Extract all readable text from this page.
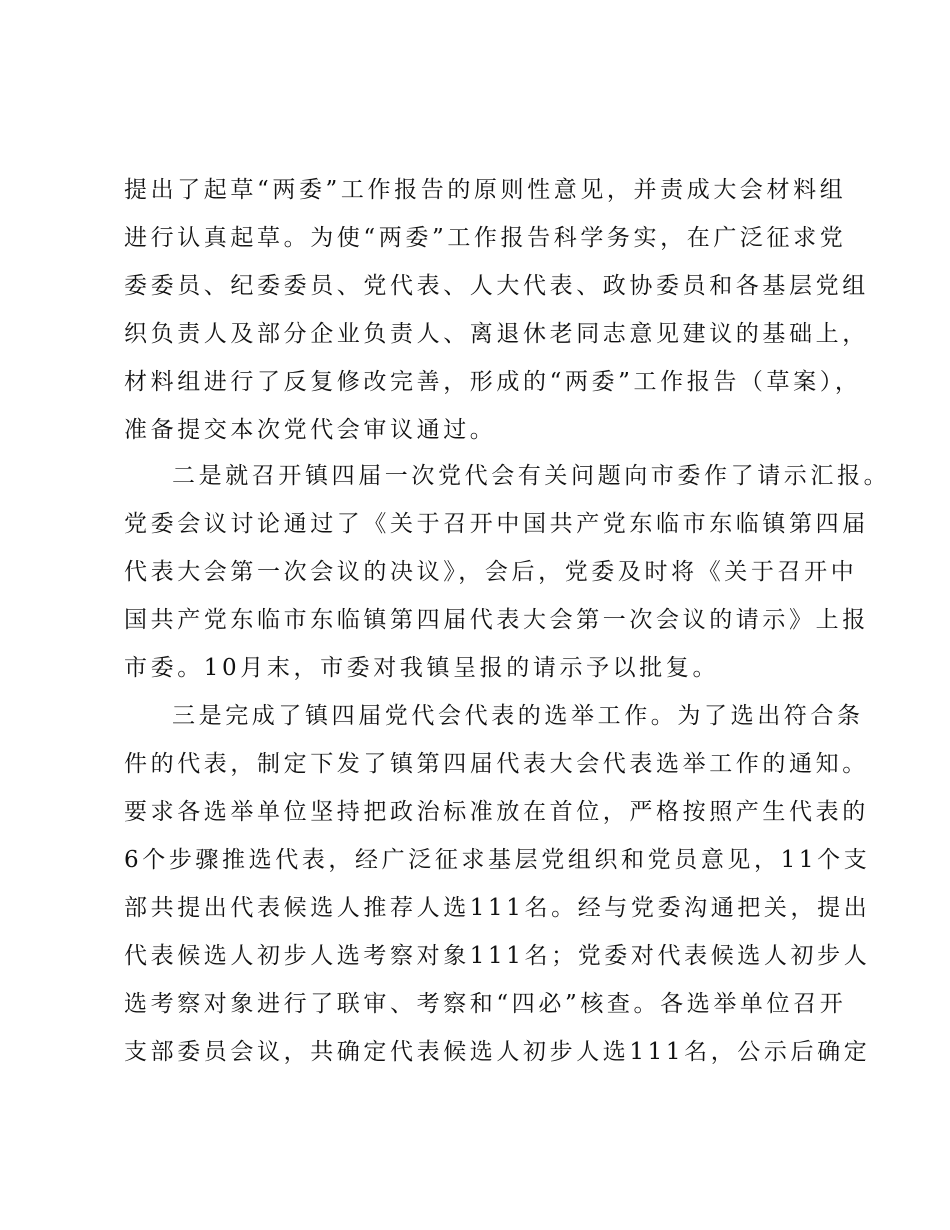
提出了起草“两委”工作报告的原则性意见，并责成大会材料组
进行认真起草。为使“两委”工作报告科学务实，在广泛征求党
委委员、纪委委员、党代表、人大代表、政协委员和各基层党组
织负责人及部分企业负责人、离退休老同志意见建议的基础上，
材料组进行了反复修改完善，形成的“两委”工作报告（草案），
准备提交本次党代会审议通过。
二是就召开镇四届一次党代会有关问题向市委作了请示汇报。
党委会议讨论通过了《关于召开中国共产党东临市东临镇第四届
代表大会第一次会议的决议》，会后，党委及时将《关于召开中
国共产党东临市东临镇第四届代表大会第一次会议的请示》上报
市委。10月末，市委对我镇呈报的请示予以批复。
三是完成了镇四届党代会代表的选举工作。为了选出符合条
件的代表，制定下发了镇第四届代表大会代表选举工作的通知。
要求各选举单位坚持把政治标准放在首位，严格按照产生代表的
6个步骤推选代表，经广泛征求基层党组织和党员意见，11个支
部共提出代表候选人推荐人选111名。经与党委沟通把关，提出
代表候选人初步人选考察对象111名；党委对代表候选人初步人
选考察对象进行了联审、考察和“四必”核查。各选举单位召开
支部委员会议，共确定代表候选人初步人选111名，公示后确定
